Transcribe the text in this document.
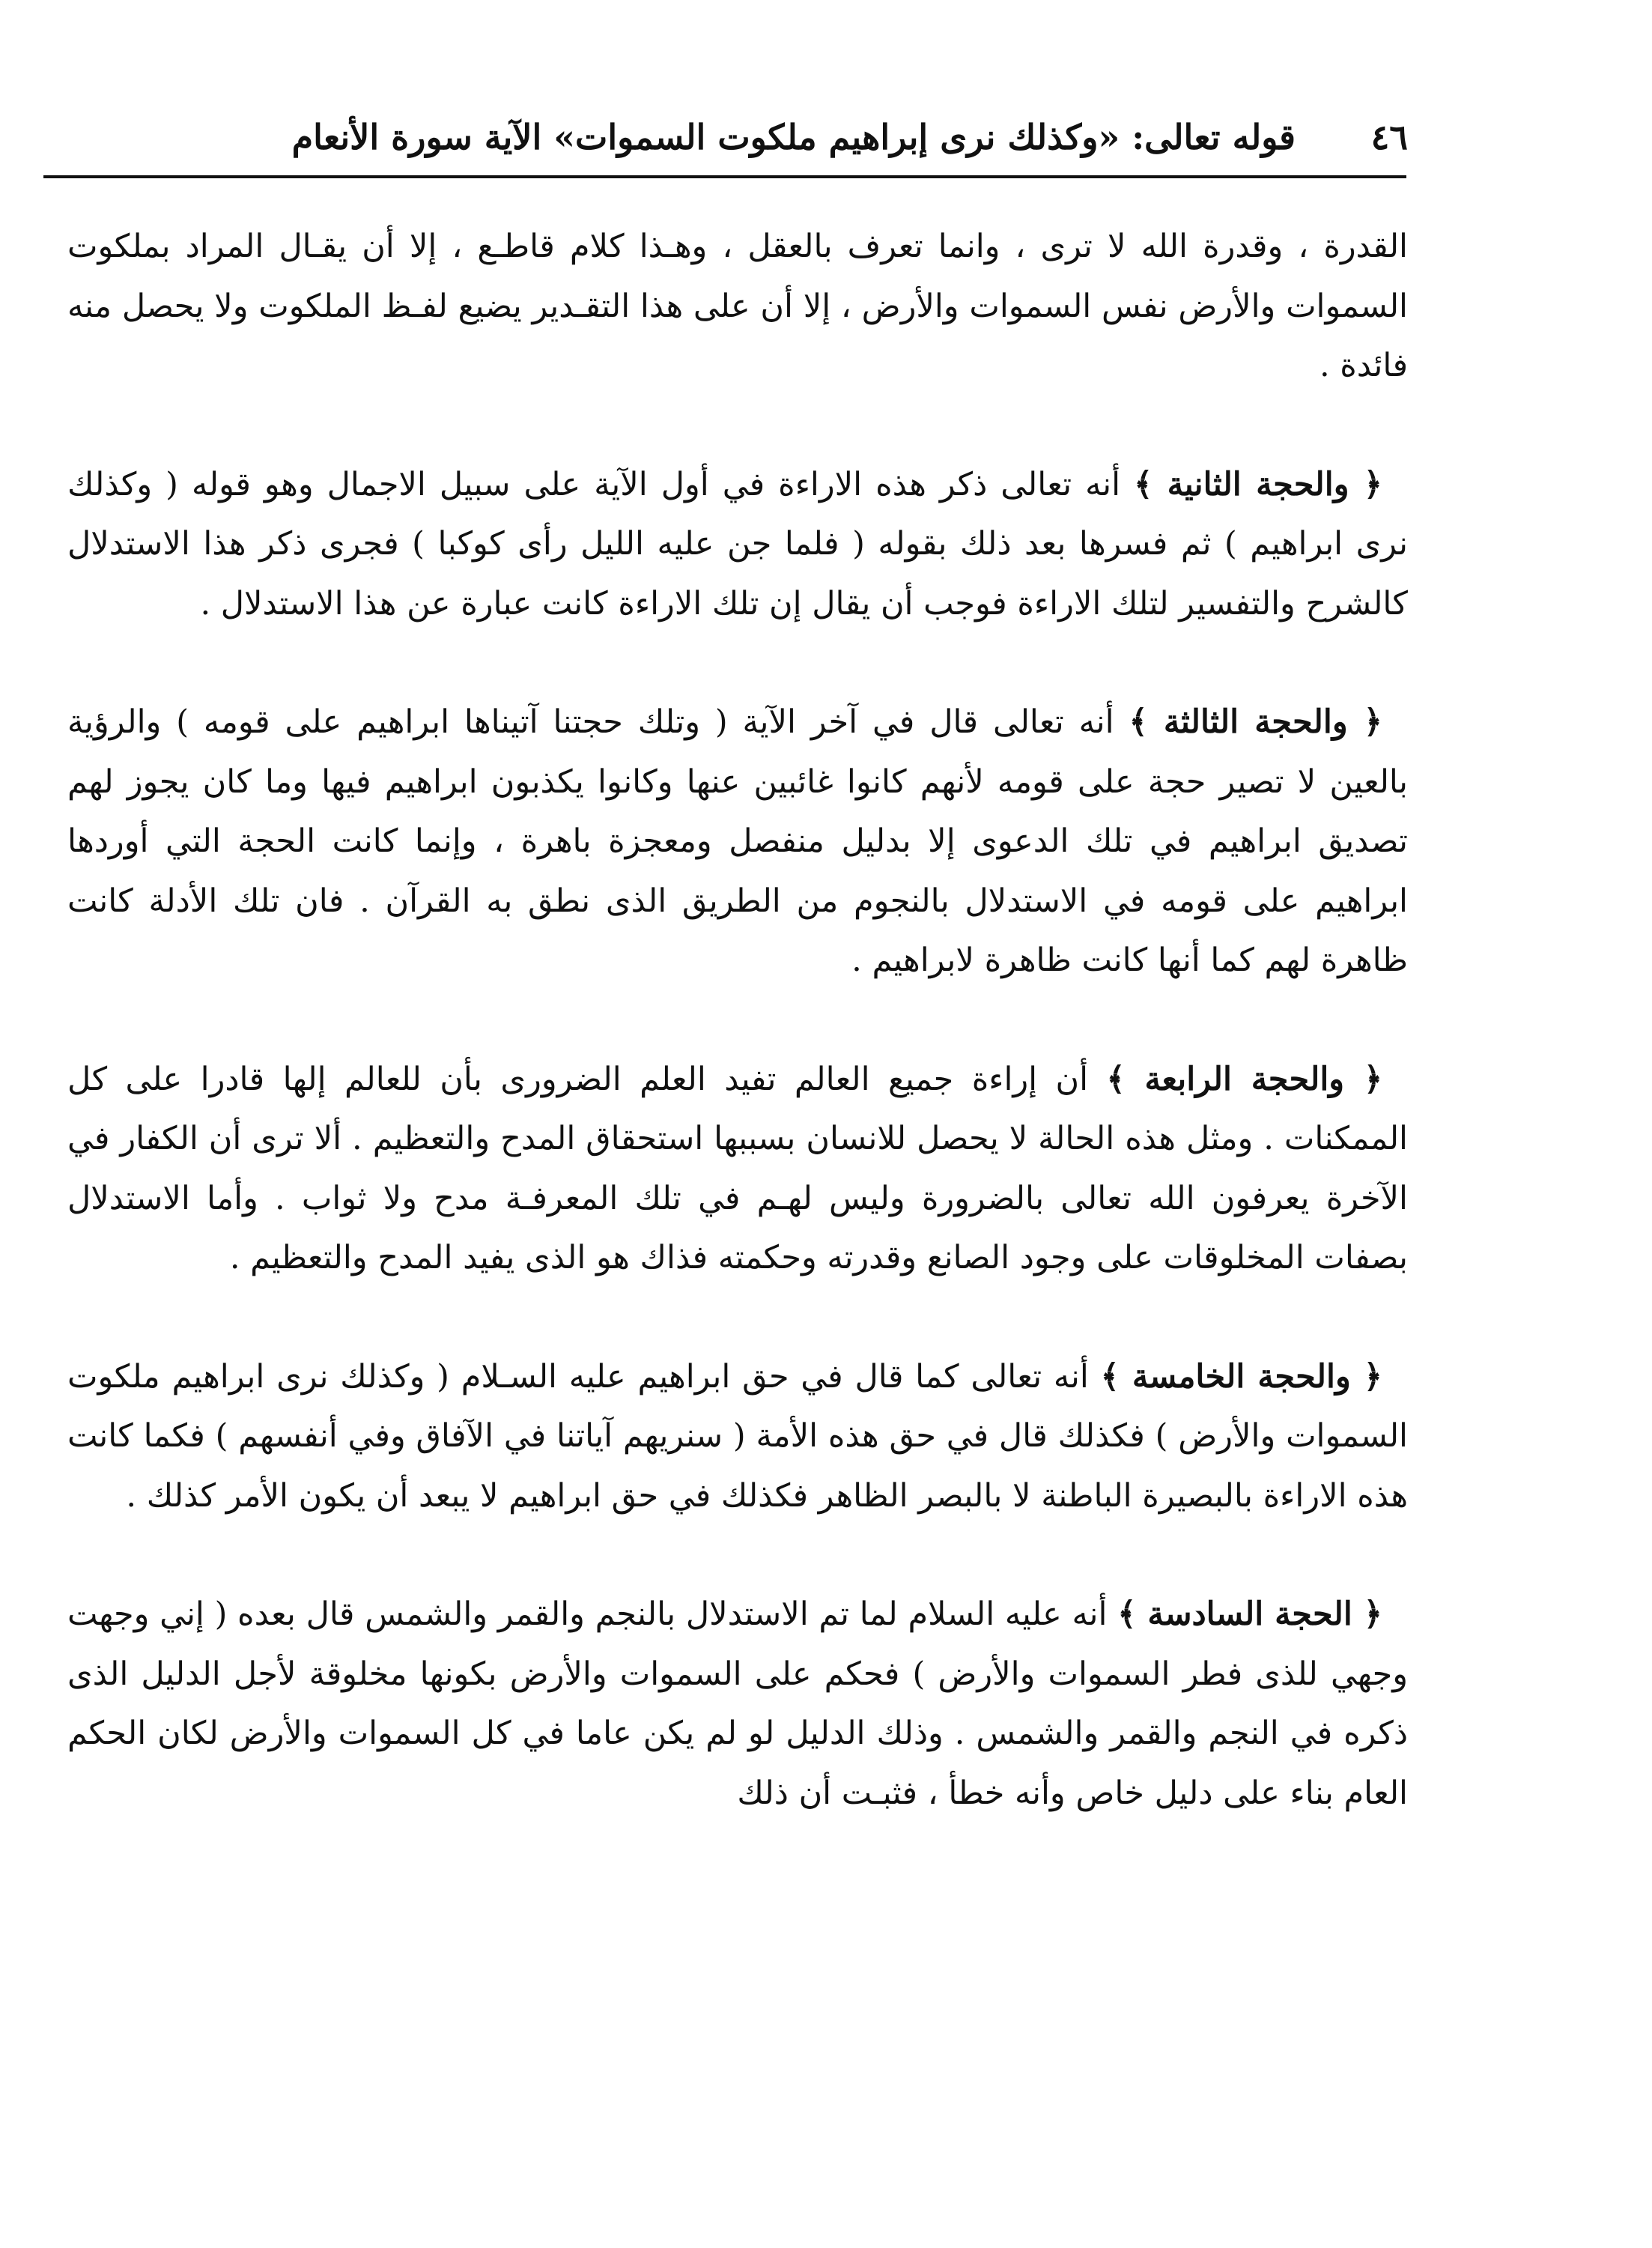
٤٦
قوله تعالى: «وكذلك نرى إبراهيم ملكوت السموات» الآية سورة الأنعام

القدرة ، وقدرة الله لا ترى ، وانما تعرف بالعقل ، وهـذا كلام قاطـع ، إلا أن يقـال المراد بملكوت السموات والأرض نفس السموات والأرض ، إلا أن على هذا التقـدير يضيع لفـظ الملكوت ولا يحصل منه فائدة .

﴿ والحجة الثانية ﴾ أنه تعالى ذكر هذه الاراءة في أول الآية على سبيل الاجمال وهو قوله ( وكذلك نرى ابراهيم ) ثم فسرها بعد ذلك بقوله ( فلما جن عليه الليل رأى كوكبا ) فجرى ذكر هذا الاستدلال كالشرح والتفسير لتلك الاراءة فوجب أن يقال إن تلك الاراءة كانت عبارة عن هذا الاستدلال .

﴿ والحجة الثالثة ﴾ أنه تعالى قال في آخر الآية ( وتلك حجتنا آتيناها ابراهيم على قومه ) والرؤية بالعين لا تصير حجة على قومه لأنهم كانوا غائبين عنها وكانوا يكذبون ابراهيم فيها وما كان يجوز لهم تصديق ابراهيم في تلك الدعوى إلا بدليل منفصل ومعجزة باهرة ، وإنما كانت الحجة التي أوردها ابراهيم على قومه في الاستدلال بالنجوم من الطريق الذى نطق به القرآن . فان تلك الأدلة كانت ظاهرة لهم كما أنها كانت ظاهرة لابراهيم .

﴿ والحجة الرابعة ﴾ أن إراءة جميع العالم تفيد العلم الضرورى بأن للعالم إلها قادرا على كل الممكنات . ومثل هذه الحالة لا يحصل للانسان بسببها استحقاق المدح والتعظيم . ألا ترى أن الكفار في الآخرة يعرفون الله تعالى بالضرورة وليس لهـم في تلك المعرفـة مدح ولا ثواب . وأما الاستدلال بصفات المخلوقات على وجود الصانع وقدرته وحكمته فذاك هو الذى يفيد المدح والتعظيم .

﴿ والحجة الخامسة ﴾ أنه تعالى كما قال في حق ابراهيم عليه السـلام ( وكذلك نرى ابراهيم ملكوت السموات والأرض ) فكذلك قال في حق هذه الأمة ( سنريهم آياتنا في الآفاق وفي أنفسهم ) فكما كانت هذه الاراءة بالبصيرة الباطنة لا بالبصر الظاهر فكذلك في حق ابراهيم لا يبعد أن يكون الأمر كذلك .

﴿ الحجة السادسة ﴾ أنه عليه السلام لما تم الاستدلال بالنجم والقمر والشمس قال بعده ( إني وجهت وجهي للذى فطر السموات والأرض ) فحكم على السموات والأرض بكونها مخلوقة لأجل الدليل الذى ذكره في النجم والقمر والشمس . وذلك الدليل لو لم يكن عاما في كل السموات والأرض لكان الحكم العام بناء على دليل خاص وأنه خطأ ، فثبـت أن ذلك
